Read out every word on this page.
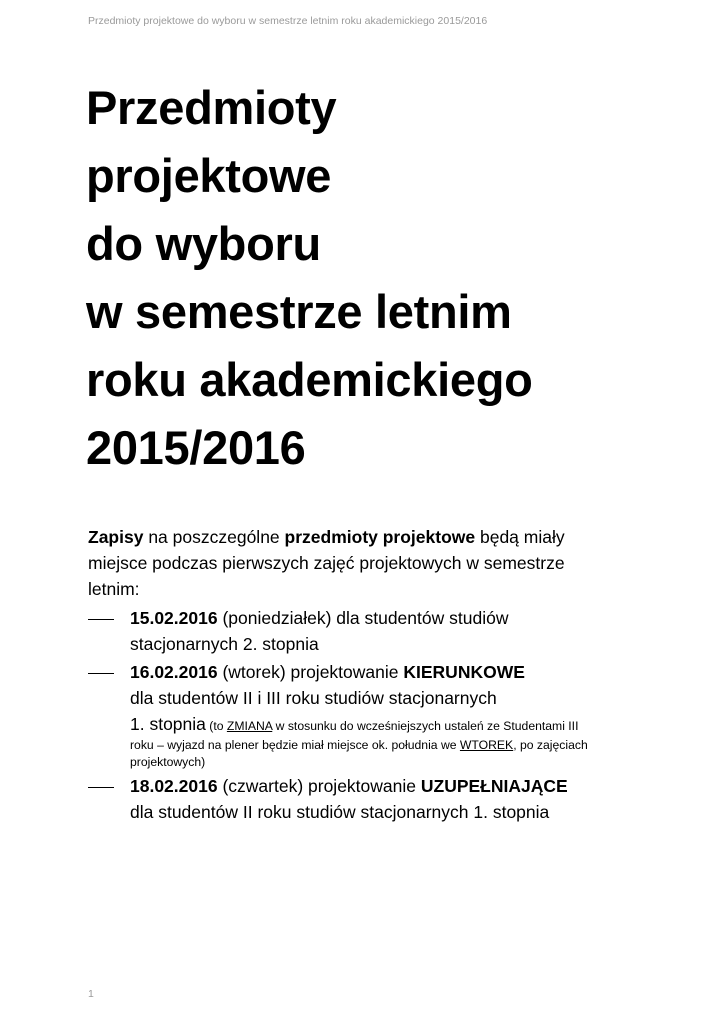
Przedmioty projektowe do wyboru w semestrze letnim roku akademickiego 2015/2016
Przedmioty
projektowe
do wyboru
w semestrze letnim
roku akademickiego
2015/2016

Zapisy na poszczególne przedmioty projektowe będą miały
miejsce podczas pierwszych zajęć projektowych w semestrze
letnim:

15.02.2016 (poniedziałek) dla studentów studiów
stacjonarnych 2. stopnia
16.02.2016 (wtorek) projektowanie KIERUNKOWE
dla studentów II i III roku studiów stacjonarnych
1. stopnia (to ZMIANA w stosunku do wcześniejszych ustaleń ze Studentami III
roku – wyjazd na plener będzie miał miejsce ok. południa we WTOREK, po zajęciach
projektowych)
18.02.2016 (czwartek) projektowanie UZUPEŁNIAJĄCE
dla studentów II roku studiów stacjonarnych 1. stopnia
1
